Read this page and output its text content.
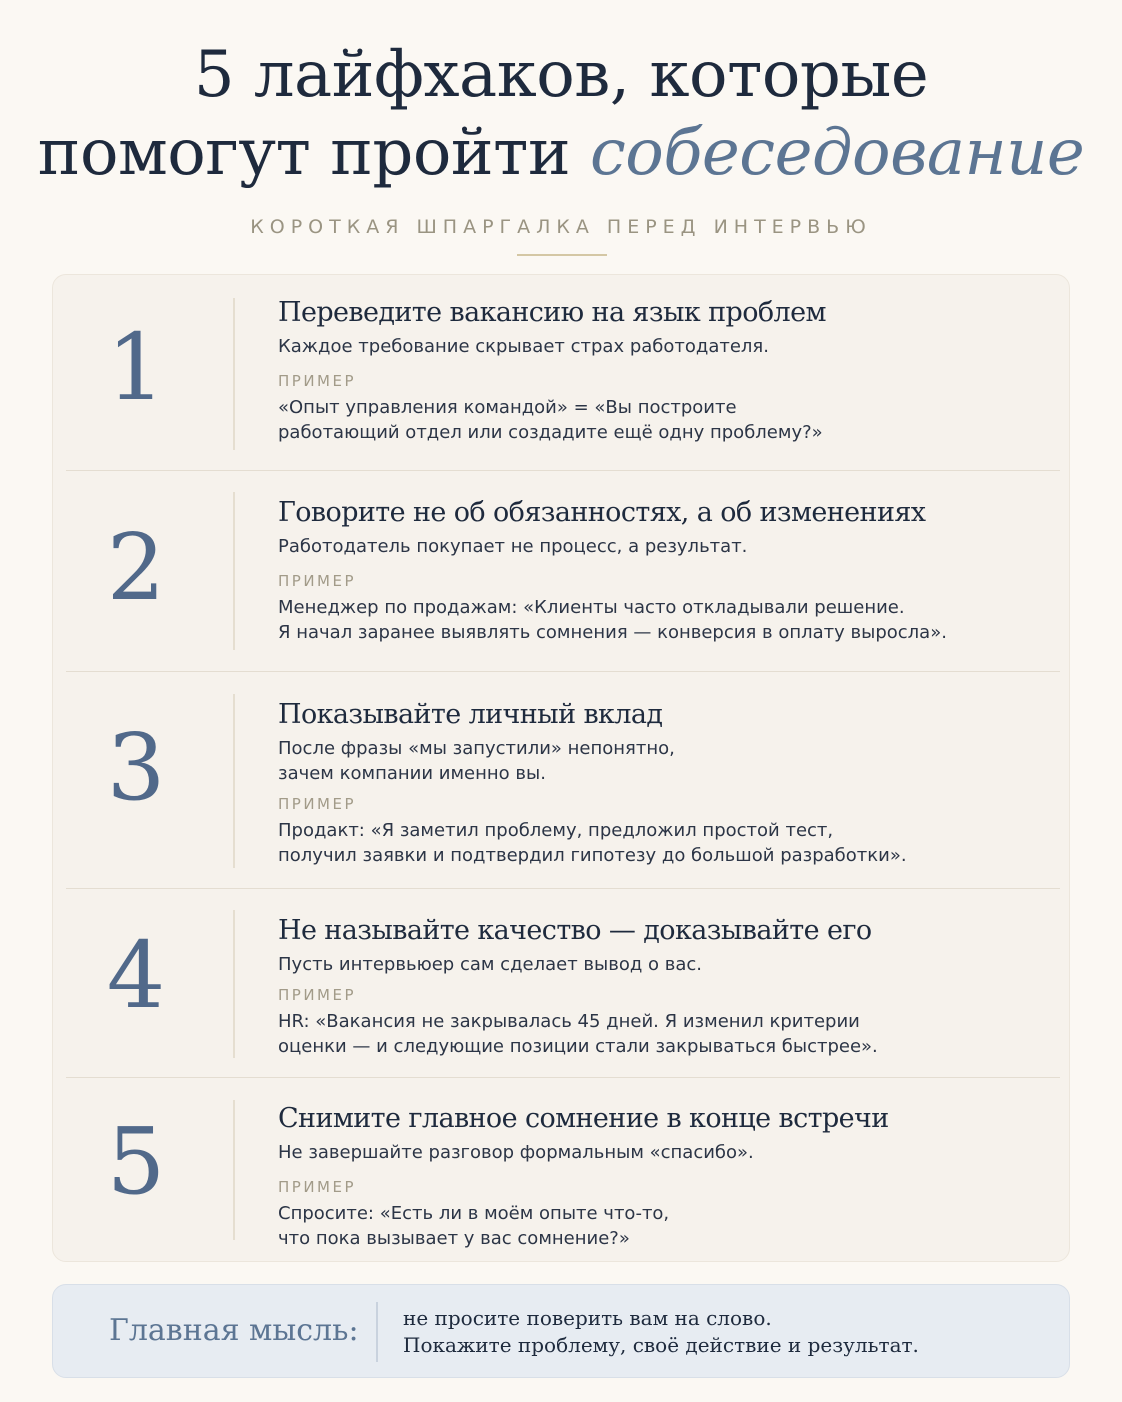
5 лайфхаков, которые
помогут пройти собеседование
КОРОТКАЯ ШПАРГАЛКА ПЕРЕД ИНТЕРВЬЮ
1
Переведите вакансию на язык проблем
Каждое требование скрывает страх работодателя.
ПРИМЕР
«Опыт управления командой» = «Вы построите
работающий отдел или создадите ещё одну проблему?»
2
Говорите не об обязанностях, а об изменениях
Работодатель покупает не процесс, а результат.
ПРИМЕР
Менеджер по продажам: «Клиенты часто откладывали решение.
Я начал заранее выявлять сомнения — конверсия в оплату выросла».
3	Показывайте личный вклад
После фразы «мы запустили» непонятно,
зачем компании именно вы.
ПРИМЕР
Продакт: «Я заметил проблему, предложил простой тест,
получил заявки и подтвердил гипотезу до большой разработки».
4	Не называйте качество — доказывайте его
Пусть интервьюер сам сделает вывод о вас.
ПРИМЕР
HR: «Вакансия не закрывалась 45 дней. Я изменил критерии
оценки — и следующие позиции стали закрываться быстрее».
5	Снимите главное сомнение в конце встречи
Не завершайте разговор формальным «спасибо».
ПРИМЕР
Спросите: «Есть ли в моём опыте что-то,
что пока вызывает у вас сомнение?»
Главная мысль: не просите поверить вам на слово.
Покажите проблему, своё действие и результат.
